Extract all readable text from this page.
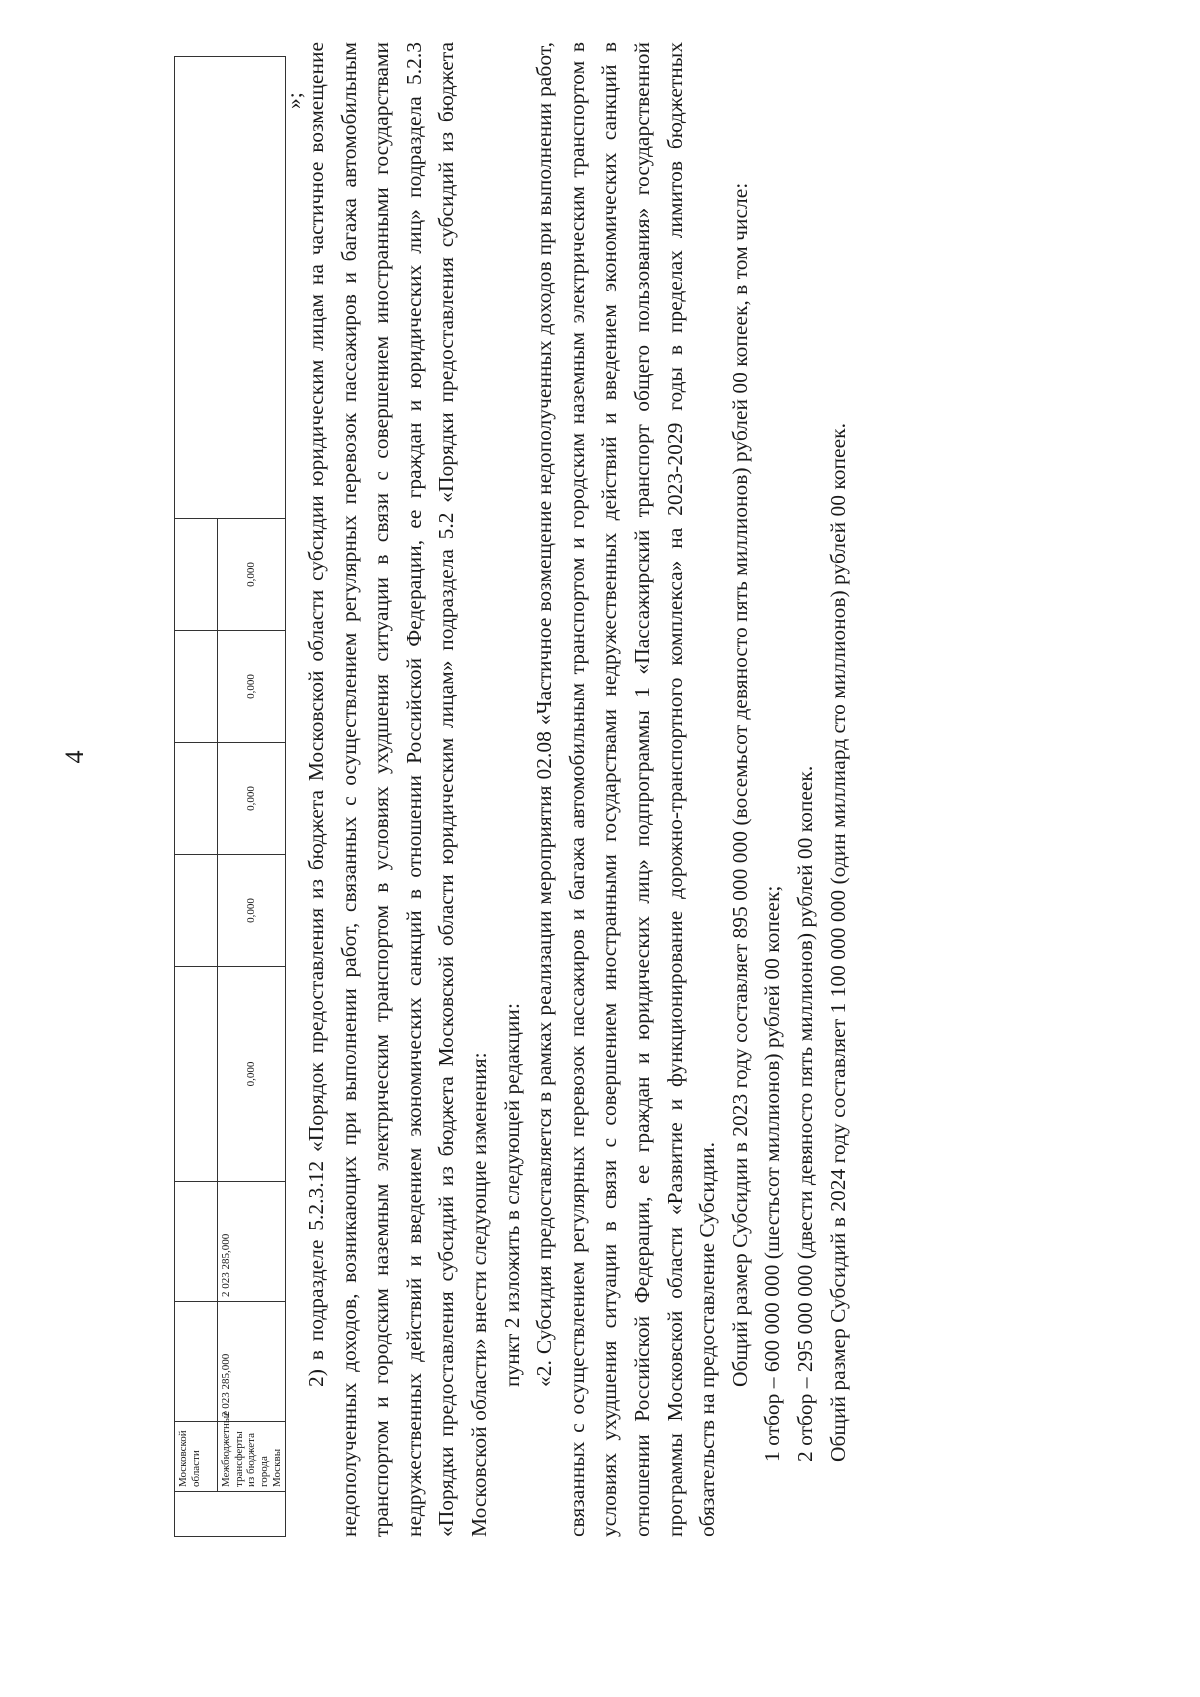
4
	Московской области								
	Межбюджетные трансферты из бюджета города Москвы	2 023 285,000	2 023 285,000	0,000	0,000	0,000	0,000	0,000	
»;

2) в подразделе 5.2.3.12 «Порядок предоставления из бюджета Московской области субсидии юридическим лицам на частичное возмещение недополученных доходов, возникающих при выполнении работ, связанных с осуществлением регулярных перевозок пассажиров и багажа автомобильным транспортом и городским наземным электрическим транспортом в условиях ухудшения ситуации в связи с совершением иностранными государствами недружественных действий и введением экономических санкций в отношении Российской Федерации, ее граждан и юридических лиц» подраздела 5.2.3 «Порядки предоставления субсидий из бюджета Московской области юридическим лицам» подраздела 5.2 «Порядки предоставления субсидий из бюджета Московской области» внести следующие изменения: пункт 2 изложить в следующей редакции: «2. Субсидия предоставляется в рамках реализации мероприятия 02.08 «Частичное возмещение недополученных доходов при выполнении работ, связанных с осуществлением регулярных перевозок пассажиров и багажа автомобильным транспортом и городским наземным электрическим транспортом в условиях ухудшения ситуации в связи с совершением иностранными государствами недружественных действий и введением экономических санкций в отношении Российской Федерации, ее граждан и юридических лиц» подпрограммы 1 «Пассажирский транспорт общего пользования» государственной программы Московской области «Развитие и функционирование дорожно-транспортного комплекса» на 2023-2029 годы в пределах лимитов бюджетных обязательств на предоставление Субсидии. Общий размер Субсидии в 2023 году составляет 895 000 000 (восемьсот девяносто пять миллионов) рублей 00 копеек, в том числе: 1 отбор – 600 000 000 (шестьсот миллионов) рублей 00 копеек; 2 отбор – 295 000 000 (двести девяносто пять миллионов) рублей 00 копеек. Общий размер Субсидий в 2024 году составляет 1 100 000 000 (один миллиард сто миллионов) рублей 00 копеек.
